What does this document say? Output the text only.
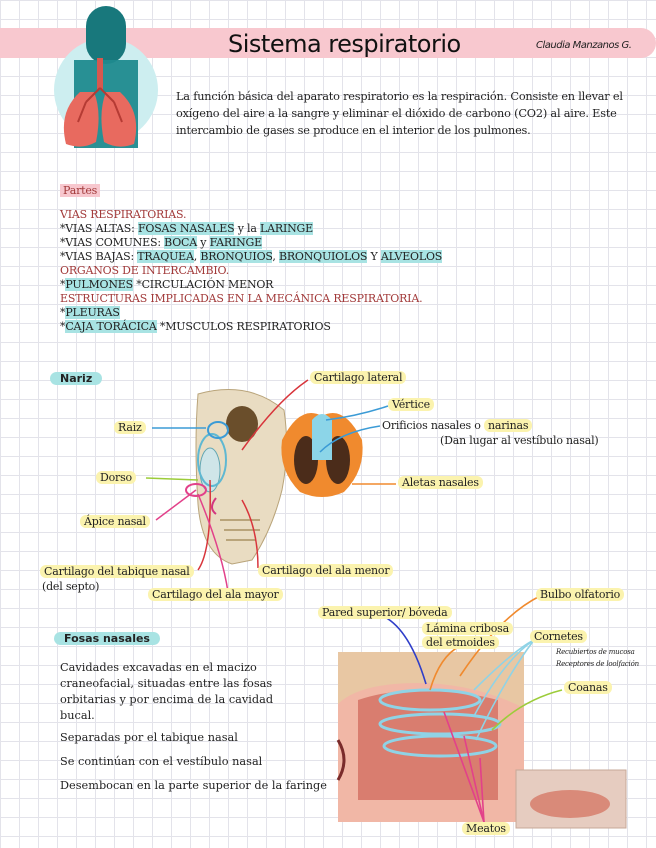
Sistema respiratorio	Claudia Manzanos G.
La función básica del aparato respiratorio es la respiración. Consiste en llevar el oxígeno del aire a la sangre y eliminar el dióxido de carbono (CO2) al aire. Este intercambio de gases se produce en el interior de los pulmones.
Partes
VIAS RESPIRATORIAS.
*VIAS ALTAS: FOSAS NASALES y la LARINGE
*VIAS COMUNES: BOCA y FARINGE
*VIAS BAJAS: TRAQUEA, BRONQUIOS, BRONQUIOLOS Y ALVEOLOS
ORGANOS DE INTERCAMBIO.
*PULMONES *CIRCULACIÓN MENOR
ESTRUCTURAS IMPLICADAS EN LA MECÁNICA RESPIRATORIA.
*PLEURAS
*CAJA TORÁCICA *MUSCULOS RESPIRATORIOS
Nariz
Raiz
Dorso
Ápice nasal
Cartilago del tabique nasal
(del septo)
Cartilago del ala mayor
Cartilago del ala menor
Cartilago lateral
Vértice
Orificios nasales o narinas
(Dan lugar al vestíbulo nasal)
Aletas nasales
Fosas nasales
Cavidades excavadas en el macizo craneofacial, situadas entre las fosas orbitarias y por encima de la cavidad bucal.
Separadas por el tabique nasal
Se continúan con el vestíbulo nasal
Desembocan en la parte superior de la faringe
Pared superior/ bóveda
Lámina cribosa
del etmoides
Bulbo olfatorio
Cornetes
Recubiertos de mucosa
Receptores de loolfación
Coanas
Meatos
